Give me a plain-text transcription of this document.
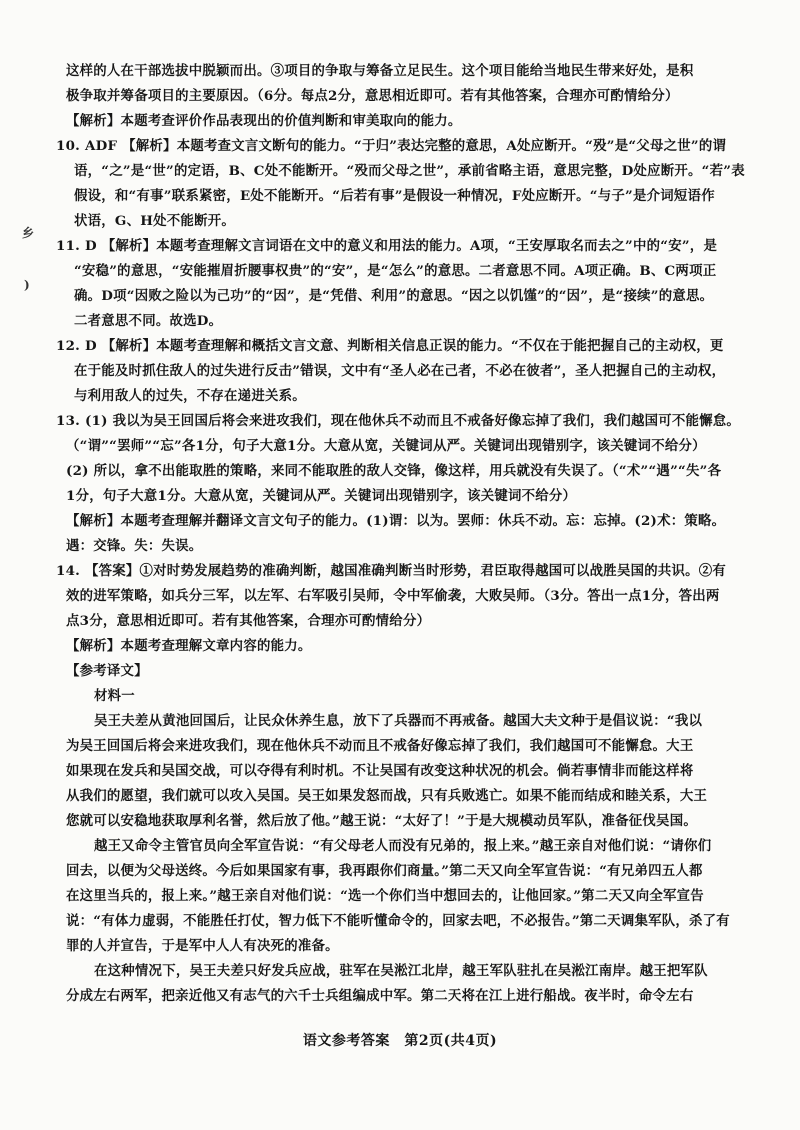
乡
)
这样的人在干部选拔中脱颖而出。③项目的争取与筹备立足民生。这个项目能给当地民生带来好处，是积
极争取并筹备项目的主要原因。（6分。每点2分，意思相近即可。若有其他答案，合理亦可酌情给分）
【解析】本题考查评价作品表现出的价值判断和审美取向的能力。
10. ADF 【解析】本题考查文言文断句的能力。“于归”表达完整的意思，A处应断开。“殁”是“父母之世”的谓
语，“之”是“世”的定语，B、C处不能断开。“殁而父母之世”，承前省略主语，意思完整，D处应断开。“若”表
假设，和“有事”联系紧密，E处不能断开。“后若有事”是假设一种情况，F处应断开。“与子”是介词短语作
状语，G、H处不能断开。
11. D 【解析】本题考查理解文言词语在文中的意义和用法的能力。A项，“王安厚取名而去之”中的“安”，是
“安稳”的意思，“安能摧眉折腰事权贵”的“安”，是“怎么”的意思。二者意思不同。A项正确。B、C两项正
确。D项“因败之险以为己功”的“因”，是“凭借、利用”的意思。“因之以饥馑”的“因”，是“接续”的意思。
二者意思不同。故选D。
12. D 【解析】本题考查理解和概括文言文意、判断相关信息正误的能力。“不仅在于能把握自己的主动权，更
在于能及时抓住敌人的过失进行反击”错误，文中有“圣人必在己者，不必在彼者”，圣人把握自己的主动权，
与利用敌人的过失，不存在递进关系。
13. (1) 我以为吴王回国后将会来进攻我们，现在他休兵不动而且不戒备好像忘掉了我们，我们越国可不能懈怠。
（“谓”“罢师”“忘”各1分，句子大意1分。大意从宽，关键词从严。关键词出现错别字，该关键词不给分）
(2) 所以，拿不出能取胜的策略，来同不能取胜的敌人交锋，像这样，用兵就没有失误了。（“术”“遇”“失”各
1分，句子大意1分。大意从宽，关键词从严。关键词出现错别字，该关键词不给分）
【解析】本题考查理解并翻译文言文句子的能力。(1)谓：以为。罢师：休兵不动。忘：忘掉。(2)术：策略。
遇：交锋。失：失误。
14. 【答案】①对时势发展趋势的准确判断，越国准确判断当时形势，君臣取得越国可以战胜吴国的共识。②有
效的进军策略，如兵分三军，以左军、右军吸引吴师，令中军偷袭，大败吴师。（3分。答出一点1分，答出两
点3分，意思相近即可。若有其他答案，合理亦可酌情给分）
【解析】本题考查理解文章内容的能力。
【参考译文】
材料一
吴王夫差从黄池回国后，让民众休养生息，放下了兵器而不再戒备。越国大夫文种于是倡议说：“我以
为吴王回国后将会来进攻我们，现在他休兵不动而且不戒备好像忘掉了我们，我们越国可不能懈怠。大王
如果现在发兵和吴国交战，可以夺得有利时机。不让吴国有改变这种状况的机会。倘若事情非而能这样将
从我们的愿望，我们就可以攻入吴国。吴王如果发怒而战，只有兵败逃亡。如果不能而结成和睦关系，大王
您就可以安稳地获取厚利名誉，然后放了他。”越王说：“太好了！”于是大规模动员军队，准备征伐吴国。
越王又命令主管官员向全军宣告说：“有父母老人而没有兄弟的，报上来。”越王亲自对他们说：“请你们
回去，以便为父母送终。今后如果国家有事，我再跟你们商量。”第二天又向全军宣告说：“有兄弟四五人都
在这里当兵的，报上来。”越王亲自对他们说：“选一个你们当中想回去的，让他回家。”第二天又向全军宣告
说：“有体力虚弱，不能胜任打仗，智力低下不能听懂命令的，回家去吧，不必报告。”第二天调集军队，杀了有
罪的人并宣告，于是军中人人有决死的准备。
在这种情况下，吴王夫差只好发兵应战，驻军在吴淞江北岸，越王军队驻扎在吴淞江南岸。越王把军队
分成左右两军，把亲近他又有志气的六千士兵组编成中军。第二天将在江上进行船战。夜半时，命令左右
语文参考答案　第2页(共4页)
